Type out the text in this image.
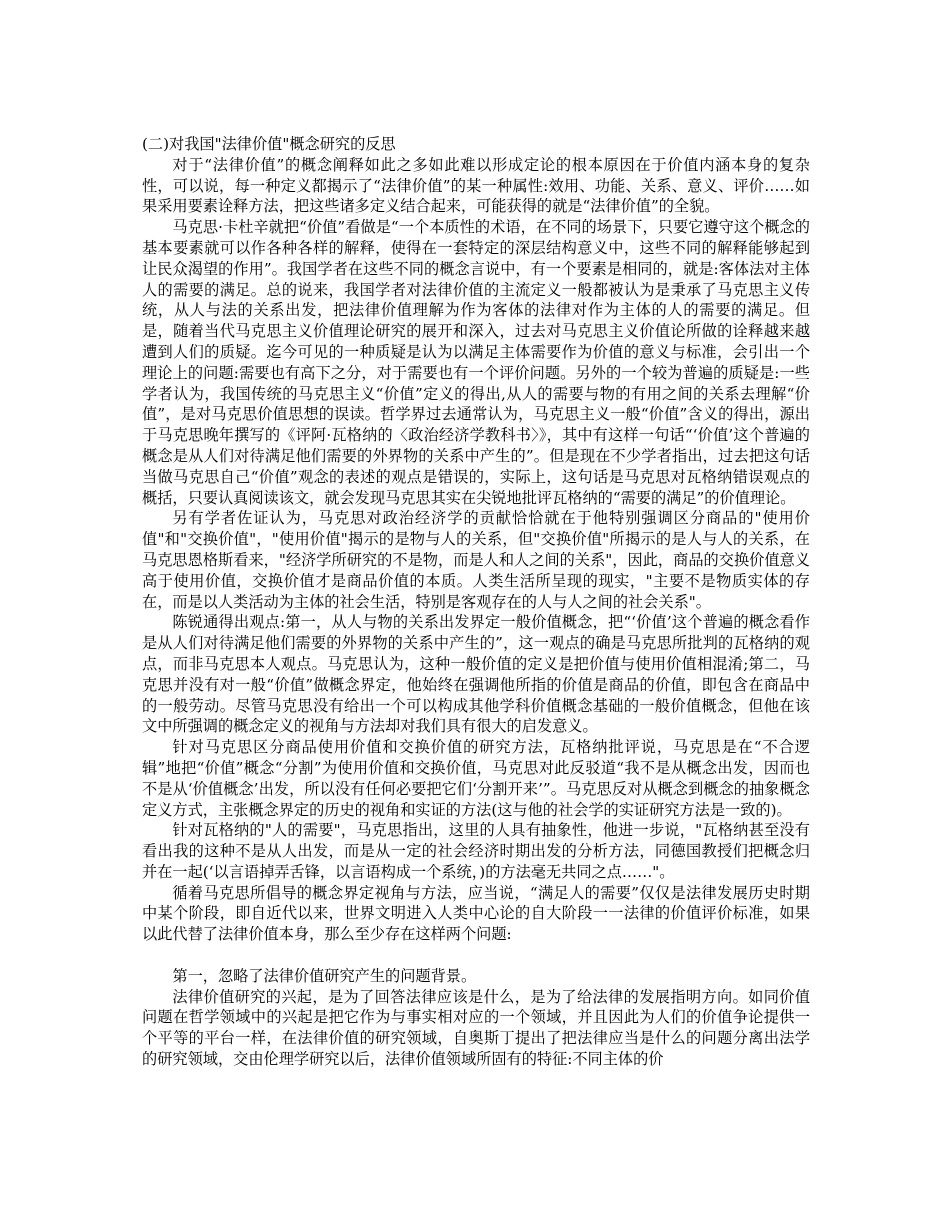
(二)对我国"法律价值"概念研究的反思

对于“法律价值”的概念阐释如此之多如此难以形成定论的根本原因在于价值内涵本身的复杂性，可以说，每一种定义都揭示了“法律价值”的某一种属性:效用、功能、关系、意义、评价……如果采用要素诠释方法，把这些诸多定义结合起来，可能获得的就是“法律价值”的全貌。

马克思·卡杜辛就把“价值”看做是“一个本质性的术语，在不同的场景下，只要它遵守这个概念的基本要素就可以作各种各样的解释，使得在一套特定的深层结构意义中，这些不同的解释能够起到让民众渴望的作用”。我国学者在这些不同的概念言说中，有一个要素是相同的，就是:客体法对主体人的需要的满足。总的说来，我国学者对法律价值的主流定义一般都被认为是秉承了马克思主义传统，从人与法的关系出发，把法律价值理解为作为客体的法律对作为主体的人的需要的满足。但是，随着当代马克思主义价值理论研究的展开和深入，过去对马克思主义价值论所做的诠释越来越遭到人们的质疑。迄今可见的一种质疑是认为以满足主体需要作为价值的意义与标准，会引出一个理论上的问题:需要也有高下之分，对于需要也有一个评价问题。另外的一个较为普遍的质疑是:一些学者认为，我国传统的马克思主义“价值”定义的得出,从人的需要与物的有用之间的关系去理解“价值”，是对马克思价值思想的误读。哲学界过去通常认为，马克思主义一般“价值”含义的得出，源出于马克思晚年撰写的《评阿·瓦格纳的〈政治经济学教科书〉》，其中有这样一句话“‘价值’这个普遍的概念是从人们对待满足他们需要的外界物的关系中产生的”。但是现在不少学者指出，过去把这句话当做马克思自己“价值”观念的表述的观点是错误的，实际上，这句话是马克思对瓦格纳错误观点的概括，只要认真阅读该文，就会发现马克思其实在尖锐地批评瓦格纳的“需要的满足”的价值理论。

另有学者佐证认为，马克思对政治经济学的贡献恰恰就在于他特别强调区分商品的"使用价值"和"交换价值"，"使用价值"揭示的是物与人的关系，但"交换价值"所揭示的是人与人的关系，在马克思恩格斯看来，"经济学所研究的不是物，而是人和人之间的关系"，因此，商品的交换价值意义高于使用价值，交换价值才是商品价值的本质。人类生活所呈现的现实，"主要不是物质实体的存在，而是以人类活动为主体的社会生活，特别是客观存在的人与人之间的社会关系"。

陈锐通得出观点:第一，从人与物的关系出发界定一般价值概念，把“‘价值’这个普遍的概念看作是从人们对待满足他们需要的外界物的关系中产生的”，这一观点的确是马克思所批判的瓦格纳的观点，而非马克思本人观点。马克思认为，这种一般价值的定义是把价值与使用价值相混淆;第二，马克思并没有对一般“价值”做概念界定，他始终在强调他所指的价值是商品的价值，即包含在商品中的一般劳动。尽管马克思没有给出一个可以构成其他学科价值概念基础的一般价值概念，但他在该文中所强调的概念定义的视角与方法却对我们具有很大的启发意义。

针对马克思区分商品使用价值和交换价值的研究方法，瓦格纳批评说，马克思是在“不合逻辑”地把“价值”概念“分割”为使用价值和交换价值，马克思对此反驳道“我不是从概念出发，因而也不是从‘价值概念’出发，所以没有任何必要把它们‘分割开来’”。马克思反对从概念到概念的抽象概念定义方式，主张概念界定的历史的视角和实证的方法(这与他的社会学的实证研究方法是一致的)。

针对瓦格纳的"人的需要"，马克思指出，这里的人具有抽象性，他进一步说，"瓦格纳甚至没有看出我的这种不是从人出发，而是从一定的社会经济时期出发的分析方法，同德国教授们把概念归并在一起(‘以言语掉弄舌锋，以言语构成一个系统，)的方法毫无共同之点……"。

循着马克思所倡导的概念界定视角与方法，应当说，“满足人的需要”仅仅是法律发展历史时期中某个阶段，即自近代以来，世界文明进入人类中心论的自大阶段一一法律的价值评价标准，如果以此代替了法律价值本身，那么至少存在这样两个问题:

第一，忽略了法律价值研究产生的问题背景。

法律价值研究的兴起，是为了回答法律应该是什么，是为了给法律的发展指明方向。如同价值问题在哲学领域中的兴起是把它作为与事实相对应的一个领域，并且因此为人们的价值争论提供一个平等的平台一样，在法律价值的研究领域，自奥斯丁提出了把法律应当是什么的问题分离出法学的研究领域，交由伦理学研究以后，法律价值领域所固有的特征:不同主体的价
